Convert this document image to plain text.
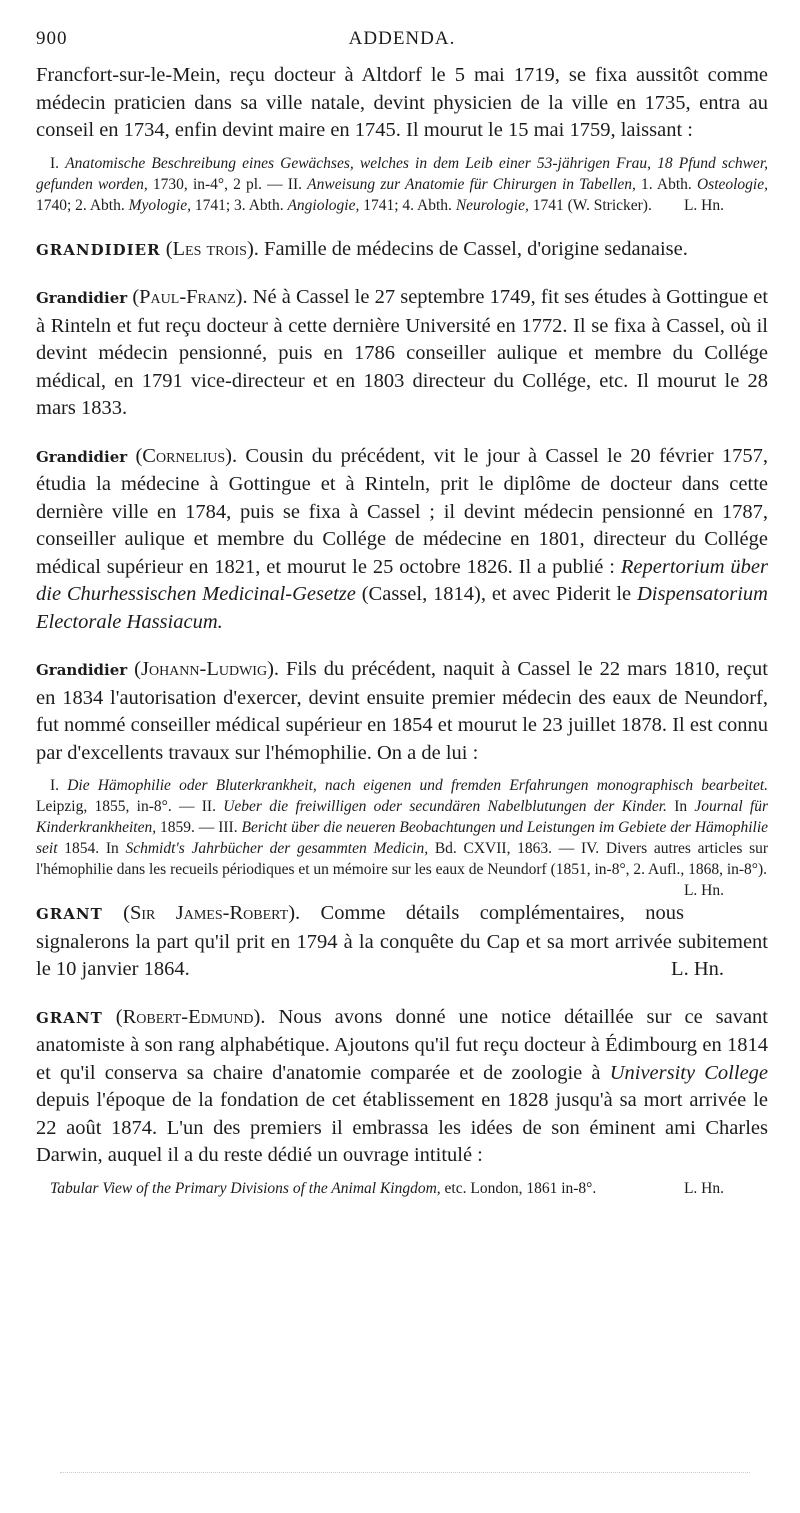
900	ADDENDA.

Francfort-sur-le-Mein, reçu docteur à Altdorf le 5 mai 1719, se fixa aussitôt comme médecin praticien dans sa ville natale, devint physicien de la ville en 1735, entra au conseil en 1734, enfin devint maire en 1745. Il mourut le 15 mai 1759, laissant :

I. Anatomische Beschreibung eines Gewächses, welches in dem Leib einer 53-jährigen Frau, 18 Pfund schwer, gefunden worden, 1730, in-4°, 2 pl. — II. Anweisung zur Anatomie für Chirurgen in Tabellen, 1. Abth. Osteologie, 1740; 2. Abth. Myologie, 1741; 3. Abth. Angiologie, 1741; 4. Abth. Neurologie, 1741 (W. Stricker). L. Hn.

GRANDIDIER (Les trois). Famille de médecins de Cassel, d'origine sedanaise.

Grandidier (Paul-Franz). Né à Cassel le 27 septembre 1749, fit ses études à Gottingue et à Rinteln et fut reçu docteur à cette dernière Université en 1772. Il se fixa à Cassel, où il devint médecin pensionné, puis en 1786 conseiller aulique et membre du Collége médical, en 1791 vice-directeur et en 1803 directeur du Collége, etc. Il mourut le 28 mars 1833.

Grandidier (Cornelius). Cousin du précédent, vit le jour à Cassel le 20 février 1757, étudia la médecine à Gottingue et à Rinteln, prit le diplôme de docteur dans cette dernière ville en 1784, puis se fixa à Cassel ; il devint médecin pensionné en 1787, conseiller aulique et membre du Collége de médecine en 1801, directeur du Collége médical supérieur en 1821, et mourut le 25 octobre 1826. Il a publié : Repertorium über die Churhessischen Medicinal-Gesetze (Cassel, 1814), et avec Piderit le Dispensatorium Electorale Hassiacum.

Grandidier (Johann-Ludwig). Fils du précédent, naquit à Cassel le 22 mars 1810, reçut en 1834 l'autorisation d'exercer, devint ensuite premier médecin des eaux de Neundorf, fut nommé conseiller médical supérieur en 1854 et mourut le 23 juillet 1878. Il est connu par d'excellents travaux sur l'hémophilie. On a de lui :

I. Die Hämophilie oder Bluterkrankheit, nach eigenen und fremden Erfahrungen monographisch bearbeitet. Leipzig, 1855, in-8°. — II. Ueber die freiwilligen oder secundären Nabelblutungen der Kinder. In Journal für Kinderkrankheiten, 1859. — III. Bericht über die neueren Beobachtungen und Leistungen im Gebiete der Hämophilie seit 1854. In Schmidt's Jahrbücher der gesammten Medicin, Bd. CXVII, 1863. — IV. Divers autres articles sur l'hémophilie dans les recueils périodiques et un mémoire sur les eaux de Neundorf (1851, in-8°, 2. Aufl., 1868, in-8°).
L. Hn.

GRANT (Sir James-Robert). Comme détails complémentaires, nous signalerons la part qu'il prit en 1794 à la conquête du Cap et sa mort arrivée subitement le 10 janvier 1864.	L. Hn.

GRANT (Robert-Edmund). Nous avons donné une notice détaillée sur ce savant anatomiste à son rang alphabétique. Ajoutons qu'il fut reçu docteur à Édimbourg en 1814 et qu'il conserva sa chaire d'anatomie comparée et de zoologie à University College depuis l'époque de la fondation de cet établissement en 1828 jusqu'à sa mort arrivée le 22 août 1874. L'un des premiers il embrassa les idées de son éminent ami Charles Darwin, auquel il a du reste dédié un ouvrage intitulé :

Tabular View of the Primary Divisions of the Animal Kingdom, etc. London, 1861 in-8°.	L. Hn.
